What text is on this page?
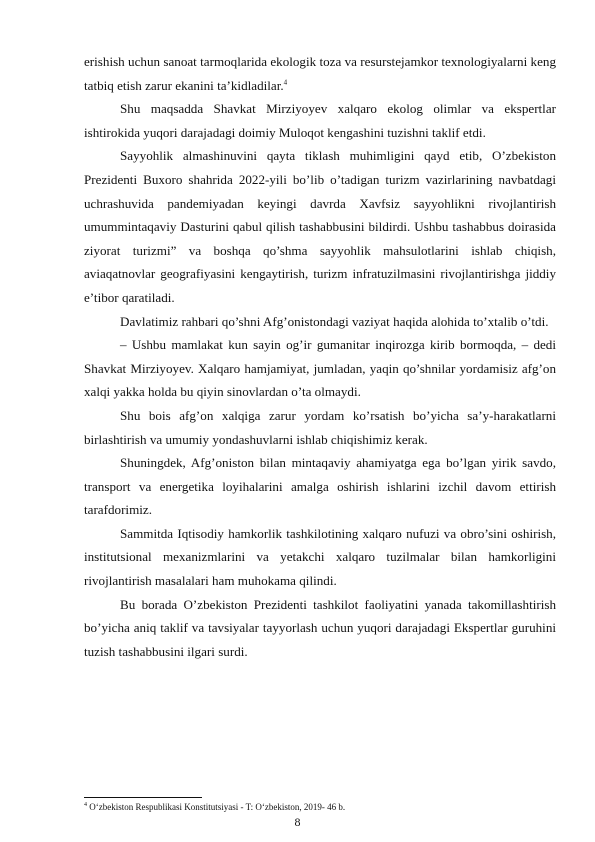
erishish uchun sanoat tarmoqlarida ekologik toza va resurstejamkor texnologiyalarni keng tatbiq etish zarur ekanini ta’kidladilar.$^4$

Shu maqsadda Shavkat Mirziyoyev xalqaro ekolog olimlar va ekspertlar ishtirokida yuqori darajadagi doimiy Muloqot kengashini tuzishni taklif etdi.

Sayyohlik almashinuvini qayta tiklash muhimligini qayd etib, O’zbekiston Prezidenti Buxoro shahrida 2022-yili bo’lib o’tadigan turizm vazirlarining navbatdagi uchrashuvida pandemiyadan keyingi davrda Xavfsiz sayyohlikni rivojlantirish umummintaqaviy Dasturini qabul qilish tashabbusini bildirdi. Ushbu tashabbus doirasida ziyorat turizmi” va boshqa qo’shma sayyohlik mahsulotlarini ishlab chiqish, aviaqatnovlar geografiyasini kengaytirish, turizm infratuzilmasini rivojlantirishga jiddiy e’tibor qaratiladi.

Davlatimiz rahbari qo’shni Afg’onistondagi vaziyat haqida alohida to’xtalib o’tdi.

– Ushbu mamlakat kun sayin og’ir gumanitar inqirozga kirib bormoqda, – dedi Shavkat Mirziyoyev. Xalqaro hamjamiyat, jumladan, yaqin qo’shnilar yordamisiz afg’on xalqi yakka holda bu qiyin sinovlardan o’ta olmaydi.

Shu bois afg’on xalqiga zarur yordam ko’rsatish bo’yicha sa’y-harakatlarni birlashtirish va umumiy yondashuvlarni ishlab chiqishimiz kerak.

Shuningdek, Afg’oniston bilan mintaqaviy ahamiyatga ega bo’lgan yirik savdo, transport va energetika loyihalarini amalga oshirish ishlarini izchil davom ettirish tarafdorimiz.

Sammitda Iqtisodiy hamkorlik tashkilotining xalqaro nufuzi va obro’sini oshirish, institutsional mexanizmlarini va yetakchi xalqaro tuzilmalar bilan hamkorligini rivojlantirish masalalari ham muhokama qilindi.

Bu borada O’zbekiston Prezidenti tashkilot faoliyatini yanada takomillashtirish bo’yicha aniq taklif va tavsiyalar tayyorlash uchun yuqori darajadagi Ekspertlar guruhini tuzish tashabbusini ilgari surdi.

$^4$ O‘zbekiston Respublikasi Konstitutsiyasi - T: O‘zbekiston, 2019- 46 b.

8
